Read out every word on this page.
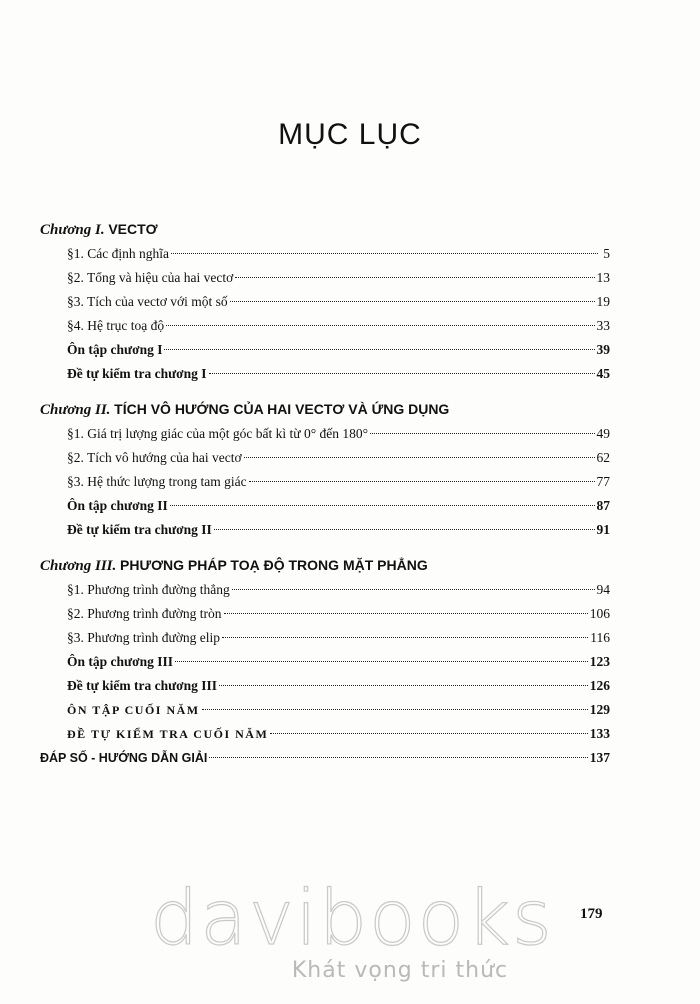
MỤC LỤC
Chương I. VECTƠ
§1. Các định nghĩa	5
§2. Tổng và hiệu của hai vectơ	13
§3. Tích của vectơ với một số	19
§4. Hệ trục toạ độ	33
Ôn tập chương I	39
Đề tự kiểm tra chương I	45
Chương II. TÍCH VÔ HƯỚNG CỦA HAI VECTƠ VÀ ỨNG DỤNG
§1. Giá trị lượng giác của một góc bất kì từ 0° đến 180°	49
§2. Tích vô hướng của hai vectơ	62
§3. Hệ thức lượng trong tam giác	77
Ôn tập chương II	87
Đề tự kiểm tra chương II	91
Chương III. PHƯƠNG PHÁP TOẠ ĐỘ TRONG MẶT PHẲNG
§1. Phương trình đường thẳng	94
§2. Phương trình đường tròn	106
§3. Phương trình đường elip	116
Ôn tập chương III	123
Đề tự kiểm tra chương III	126
ÔN TẬP CUỐI NĂM	129
ĐỀ TỰ KIỂM TRA CUỐI NĂM	133
ĐÁP SỐ - HƯỚNG DẪN GIẢI	137
179
davibooks
Khát vọng tri thức
